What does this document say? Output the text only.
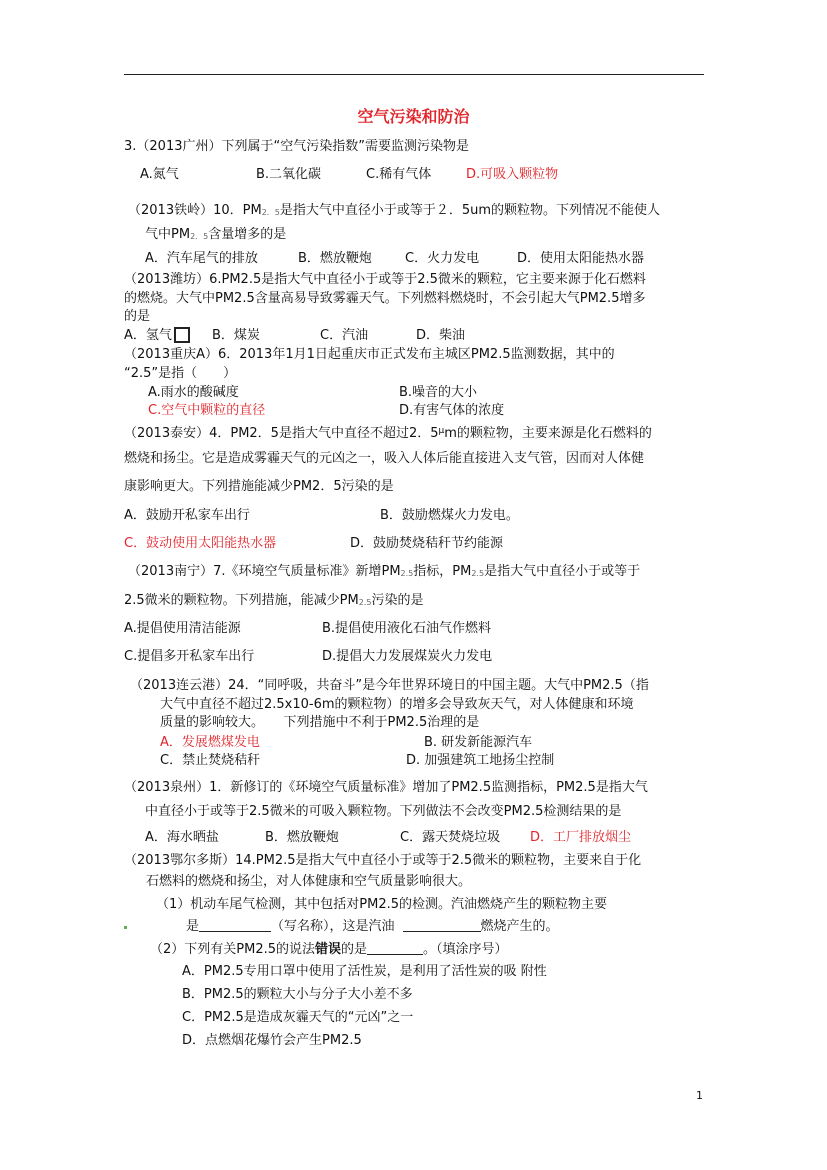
空气污染和防治
3.（2013广州）下列属于“空气污染指数”需要监测污染物是
A.氮气	B.二氧化碳	C.稀有气体	D.可吸入颗粒物
（2013铁岭）10．PM2．5是指大气中直径小于或等于２．5um的颗粒物。下列情况不能使人
气中PM2．5含量增多的是
A．汽车尾气的排放	B．燃放鞭炮	C．火力发电	D．使用太阳能热水器
（2013潍坊）6.PM2.5是指大气中直径小于或等于2.5微米的颗粒，它主要来源于化石燃料
的燃烧。大气中PM2.5含量高易导致雾霾天气。下列燃料燃烧时，不会引起大气PM2.5增多
的是
A．氢气	B．煤炭	C．汽油	D．柴油
（2013重庆A）6．2013年1月1日起重庆市正式发布主城区PM2.5监测数据，其中的
“2.5”是指（　　）
A.雨水的酸碱度	B.噪音的大小
C.空气中颗粒的直径	D.有害气体的浓度
（2013泰安）4．PM2．5是指大气中直径不超过2．$5^\mu m$的颗粒物，主要来源是化石燃料的
燃烧和扬尘。它是造成雾霾天气的元凶之一，吸入人体后能直接进入支气管，因而对人体健
康影响更大。下列措施能减少PM2．5污染的是
A．鼓励开私家车出行	B．鼓励燃煤火力发电。
C．鼓动使用太阳能热水器	D．鼓励焚烧秸秆节约能源
（2013南宁）7.《环境空气质量标准》新增PM2.5指标，PM2.5是指大气中直径小于或等于
2.5微米的颗粒物。下列措施，能减少PM2.5污染的是
A.提倡使用清洁能源	B.提倡使用液化石油气作燃料
C.提倡多开私家车出行	D.提倡大力发展煤炭火力发电
（2013连云港）24．“同呼吸，共奋斗”是今年世界环境日的中国主题。大气中PM2.5（指
大气中直径不超过2.5x10-6m的颗粒物）的增多会导致灰天气，对人体健康和环境
质量的影响较大。　　下列措施中不利于PM2.5治理的是
A．发展燃煤发电	B. 研发新能源汽车
C．禁止焚烧秸秆	D. 加强建筑工地扬尘控制
（2013泉州）1．新修订的《环境空气质量标准》增加了PM2.5监测指标，PM2.5是指大气
中直径小于或等于2.5微米的可吸入颗粒物。下列做法不会改变PM2.5检测结果的是
A．海水晒盐	B．燃放鞭炮	C．露天焚烧垃圾 D．工厂排放烟尘
（2013鄂尔多斯）14.PM2.5是指大气中直径小于或等于2.5微米的颗粒物，主要来自于化
石燃料的燃烧和扬尘，对人体健康和空气质量影响很大。
（1）机动车尾气检测，其中包括对PM2.5的检测。汽油燃烧产生的颗粒物主要
是	（写名称），这是汽油	燃烧产生的。
（2）下列有关PM2.5的说法错误的是	。（填涂序号）
A．PM2.5专用口罩中使用了活性炭，是利用了活性炭的吸 附性
B．PM2.5的颗粒大小与分子大小差不多
C．PM2.5是造成灰霾天气的“元凶”之一
D．点燃烟花爆竹会产生PM2.5
1
